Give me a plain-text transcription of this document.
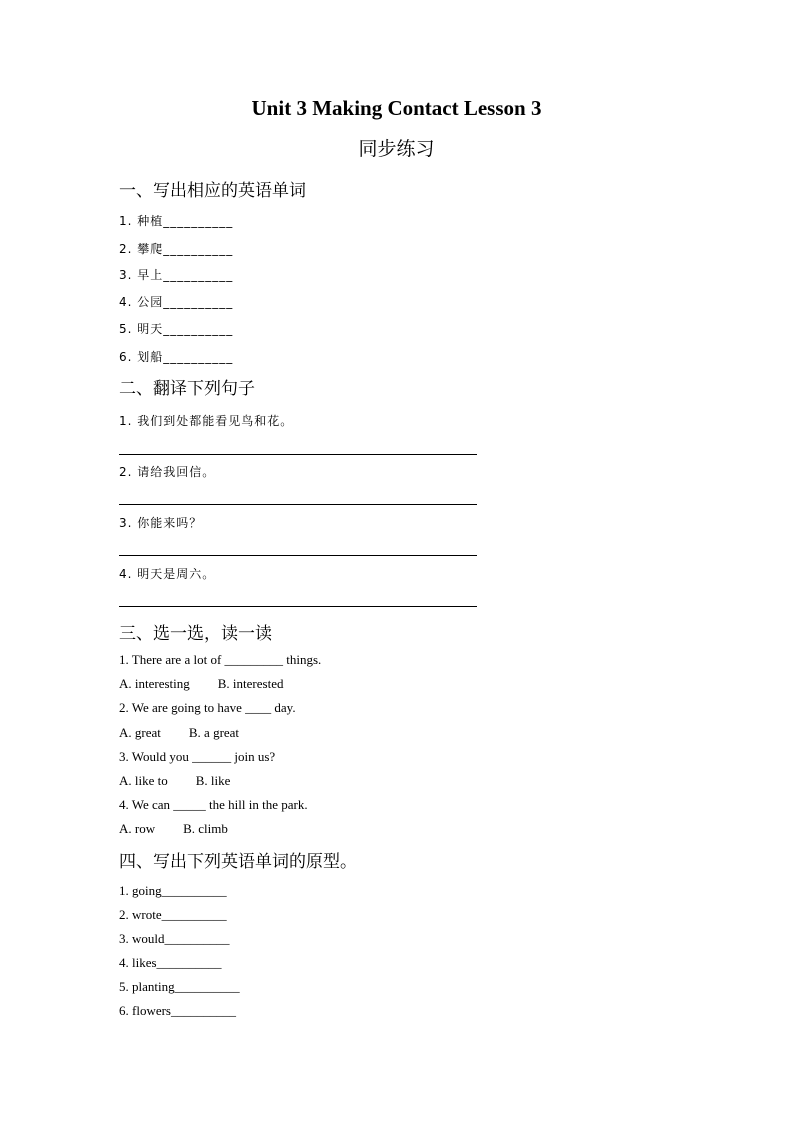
Unit 3 Making Contact Lesson 3
同步练习
一、写出相应的英语单词
1. 种植__________
2. 攀爬__________
3. 早上__________
4. 公园__________
5. 明天__________
6. 划船__________
二、翻译下列句子
1. 我们到处都能看见鸟和花。
2. 请给我回信。
3. 你能来吗？
4. 明天是周六。
三、选一选，读一读
1. There are a lot of _________ things.
A. interesting B. interested
2. We are going to have ____ day.
A. great B. a great
3. Would you ______ join us?
A. like to B. like
4. We can _____ the hill in the park.
A. row B. climb
四、写出下列英语单词的原型。
1. going__________
2. wrote__________
3. would__________
4. likes__________
5. planting__________
6. flowers__________
